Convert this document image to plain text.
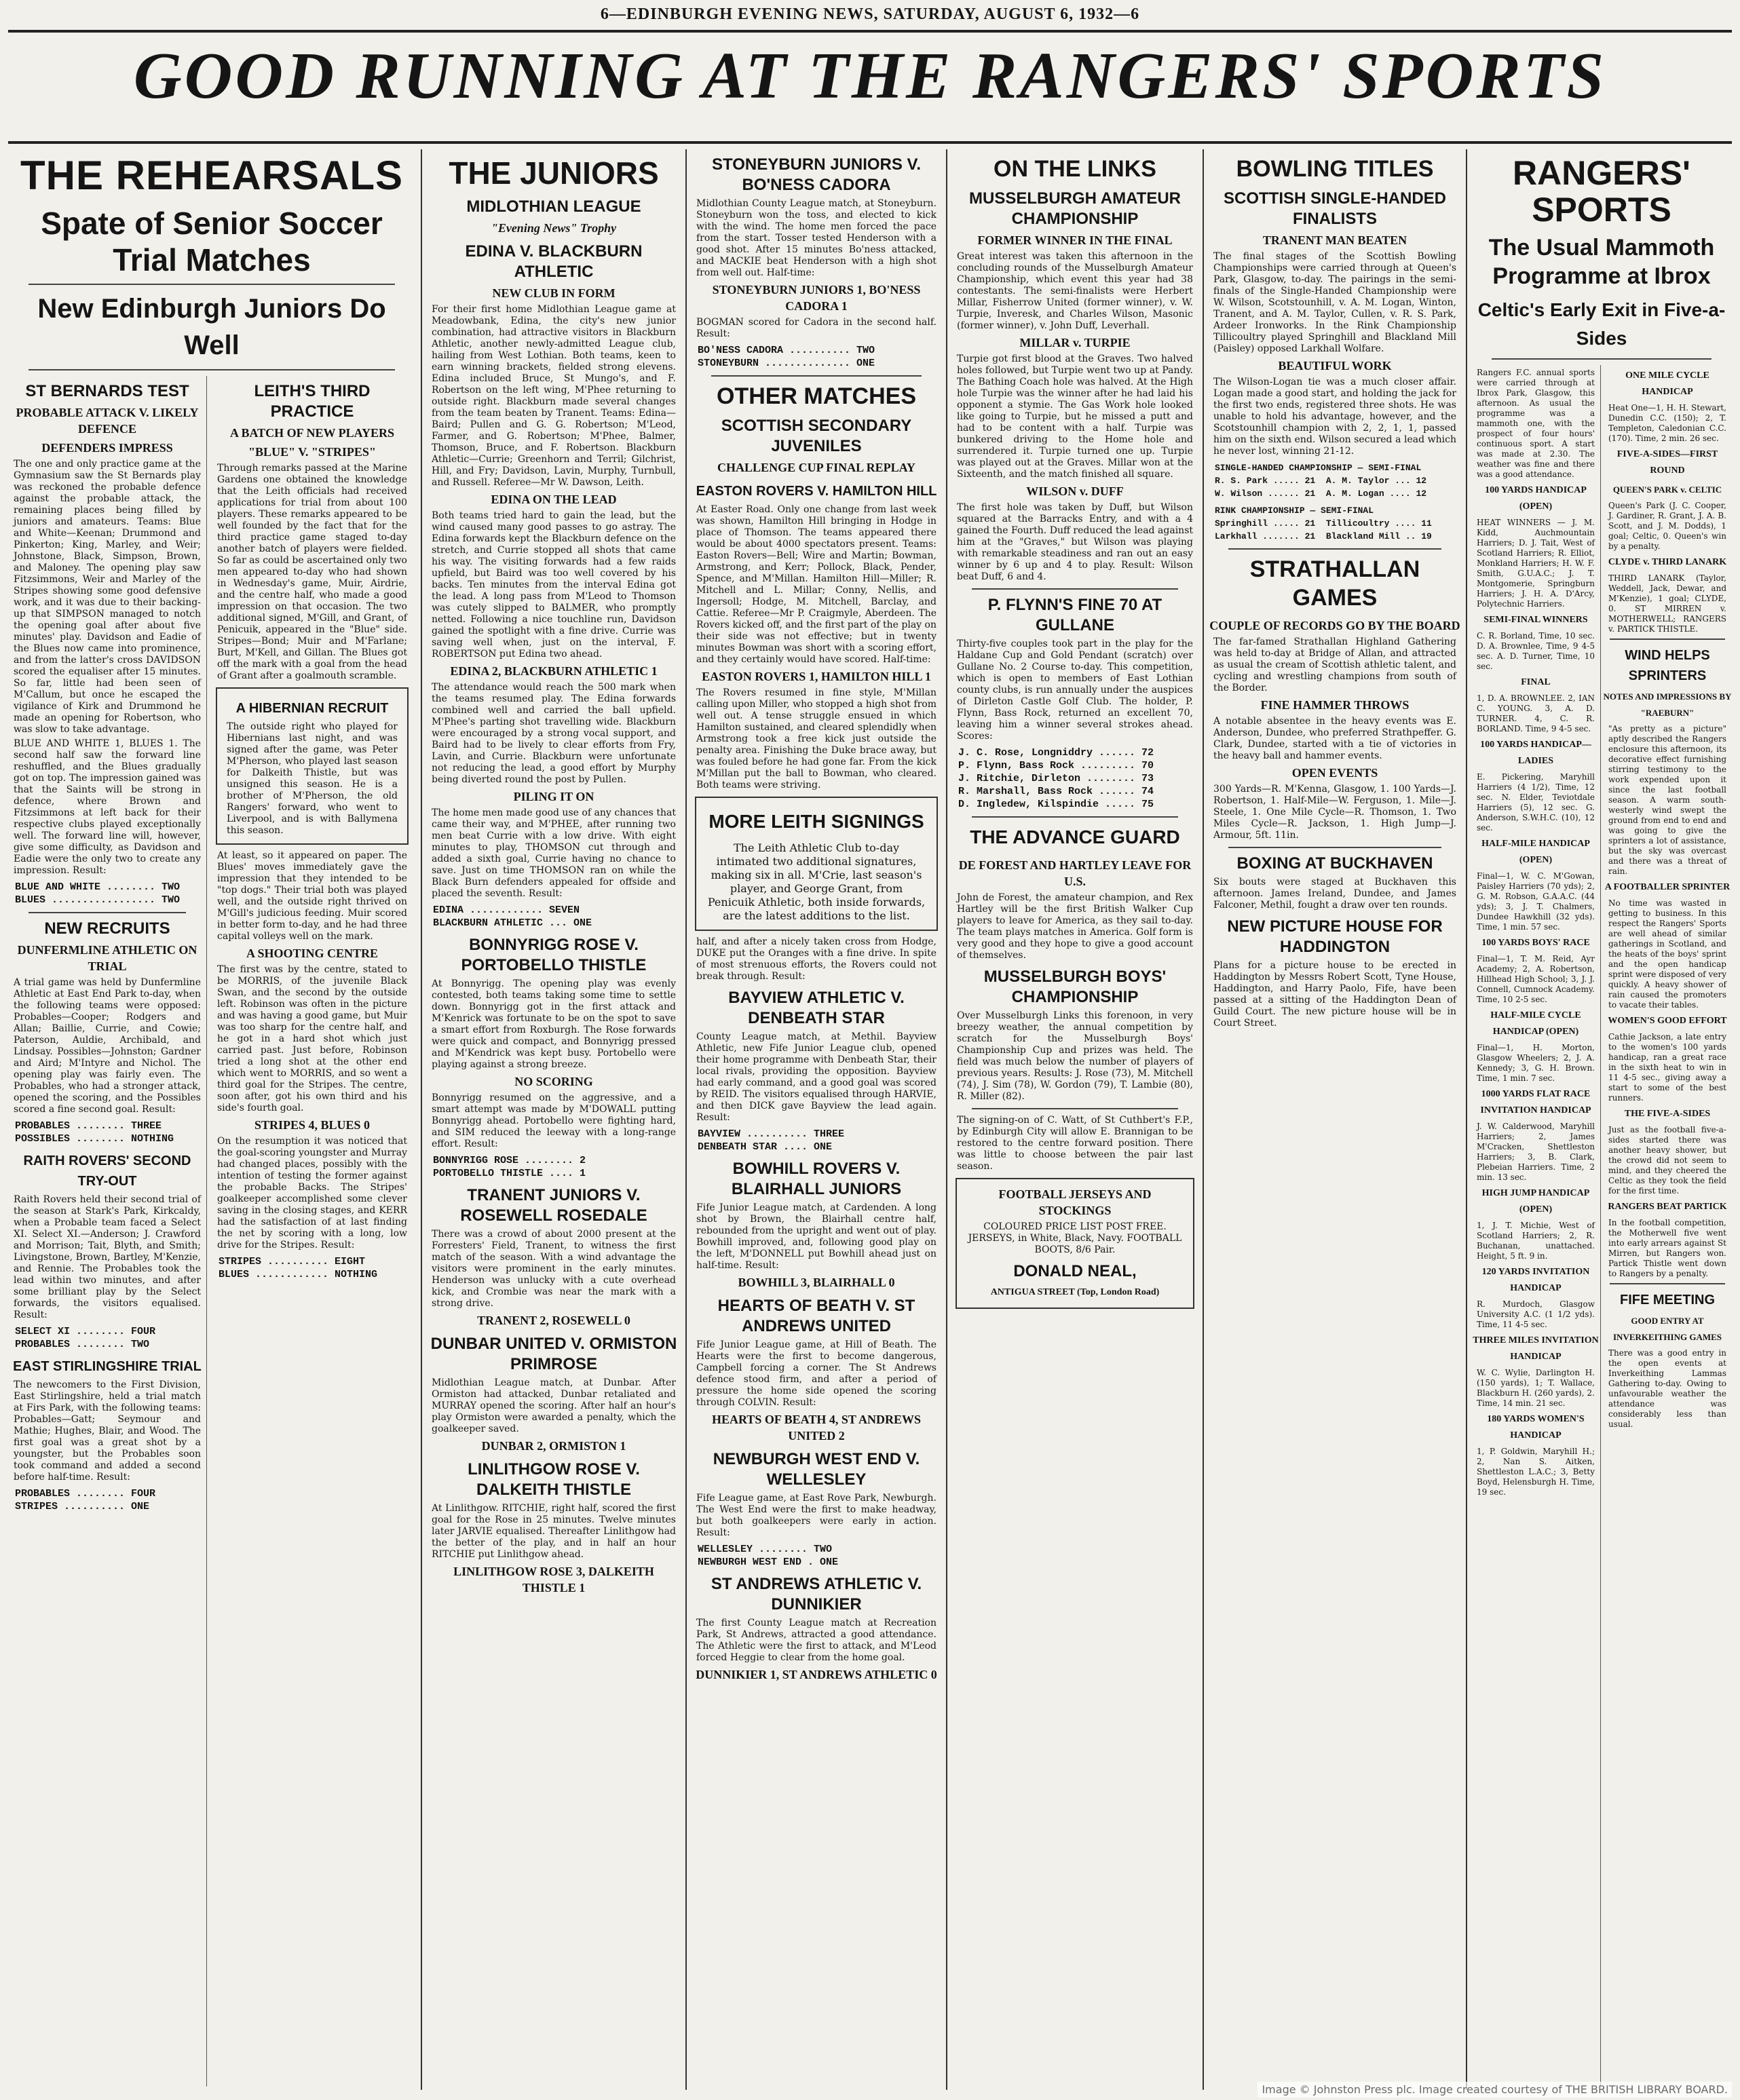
6—EDINBURGH EVENING NEWS, SATURDAY, AUGUST 6, 1932—6
GOOD RUNNING AT THE RANGERS' SPORTS
THE REHEARSALS
Spate of Senior Soccer Trial Matches
New Edinburgh Juniors Do Well
ST BERNARDS TEST
PROBABLE ATTACK V. LIKELY DEFENCE
DEFENDERS IMPRESS

The one and only practice game at the Gymnasium saw the St Bernards play was reckoned the probable defence against the probable attack, the remaining places being filled by juniors and amateurs. Teams: Blue and White—Keenan; Drummond and Pinkerton; King, Marley, and Weir; Johnstone, Black, Simpson, Brown, and Maloney. The opening play saw Fitzsimmons, Weir and Marley of the Stripes showing some good defensive work, and it was due to their backing-up that SIMPSON managed to notch the opening goal after about five minutes' play. Davidson and Eadie of the Blues now came into prominence, and from the latter's cross DAVIDSON scored the equaliser after 15 minutes. So far, little had been seen of M'Callum, but once he escaped the vigilance of Kirk and Drummond he made an opening for Robertson, who was slow to take advantage.

BLUE AND WHITE 1, BLUES 1. The second half saw the forward line reshuffled, and the Blues gradually got on top. The impression gained was that the Saints will be strong in defence, where Brown and Fitzsimmons at left back for their respective clubs played exceptionally well. The forward line will, however, give some difficulty, as Davidson and Eadie were the only two to create any impression. Result:

BLUE AND WHITE ........ TWO
BLUES ................. TWO
NEW RECRUITS
DUNFERMLINE ATHLETIC ON TRIAL

A trial game was held by Dunfermline Athletic at East End Park to-day, when the following teams were opposed: Probables—Cooper; Rodgers and Allan; Baillie, Currie, and Cowie; Paterson, Auldie, Archibald, and Lindsay. Possibles—Johnston; Gardner and Aird; M'Intyre and Nichol. The opening play was fairly even. The Probables, who had a stronger attack, opened the scoring, and the Possibles scored a fine second goal. Result:

PROBABLES ........ THREE
POSSIBLES ........ NOTHING
RAITH ROVERS' SECOND TRY-OUT

Raith Rovers held their second trial of the season at Stark's Park, Kirkcaldy, when a Probable team faced a Select XI. Select XI.—Anderson; J. Crawford and Morrison; Tait, Blyth, and Smith; Livingstone, Brown, Bartley, M'Kenzie, and Rennie. The Probables took the lead within two minutes, and after some brilliant play by the Select forwards, the visitors equalised. Result:

SELECT XI ........ FOUR
PROBABLES ........ TWO
EAST STIRLINGSHIRE TRIAL

The newcomers to the First Division, East Stirlingshire, held a trial match at Firs Park, with the following teams: Probables—Gatt; Seymour and Mathie; Hughes, Blair, and Wood. The first goal was a great shot by a youngster, but the Probables soon took command and added a second before half-time. Result:

PROBABLES ........ FOUR
STRIPES .......... ONE
LEITH'S THIRD PRACTICE
A BATCH OF NEW PLAYERS
"BLUE" V. "STRIPES"

Through remarks passed at the Marine Gardens one obtained the knowledge that the Leith officials had received applications for trial from about 100 players. These remarks appeared to be well founded by the fact that for the third practice game staged to-day another batch of players were fielded. So far as could be ascertained only two men appeared to-day who had shown in Wednesday's game, Muir, Airdrie, and the centre half, who made a good impression on that occasion. The two additional signed, M'Gill, and Grant, of Penicuik, appeared in the "Blue" side. Stripes—Bond; Muir and M'Farlane; Burt, M'Kell, and Gillan. The Blues got off the mark with a goal from the head of Grant after a goalmouth scramble.

A HIBERNIAN RECRUIT

The outside right who played for Hibernians last night, and was signed after the game, was Peter M'Pherson, who played last season for Dalkeith Thistle, but was unsigned this season. He is a brother of M'Pherson, the old Rangers' forward, who went to Liverpool, and is with Ballymena this season.

At least, so it appeared on paper. The Blues' moves immediately gave the impression that they intended to be "top dogs." Their trial both was played well, and the outside right thrived on M'Gill's judicious feeding. Muir scored in better form to-day, and he had three capital volleys well on the mark.

A SHOOTING CENTRE

The first was by the centre, stated to be MORRIS, of the juvenile Black Swan, and the second by the outside left. Robinson was often in the picture and was having a good game, but Muir was too sharp for the centre half, and he got in a hard shot which just carried past. Just before, Robinson tried a long shot at the other end which went to MORRIS, and so went a third goal for the Stripes. The centre, soon after, got his own third and his side's fourth goal.

STRIPES 4, BLUES 0

On the resumption it was noticed that the goal-scoring youngster and Murray had changed places, possibly with the intention of testing the former against the probable Backs. The Stripes' goalkeeper accomplished some clever saving in the closing stages, and KERR had the satisfaction of at last finding the net by scoring with a long, low drive for the Stripes. Result:

STRIPES .......... EIGHT
BLUES ............ NOTHING
THE JUNIORS
MIDLOTHIAN LEAGUE
"Evening News" Trophy
EDINA V. BLACKBURN ATHLETIC
NEW CLUB IN FORM

For their first home Midlothian League game at Meadowbank, Edina, the city's new junior combination, had attractive visitors in Blackburn Athletic, another newly-admitted League club, hailing from West Lothian. Both teams, keen to earn winning brackets, fielded strong elevens. Edina included Bruce, St Mungo's, and F. Robertson on the left wing, M'Phee returning to outside right. Blackburn made several changes from the team beaten by Tranent. Teams: Edina—Baird; Pullen and G. G. Robertson; M'Leod, Farmer, and G. Robertson; M'Phee, Balmer, Thomson, Bruce, and F. Robertson. Blackburn Athletic—Currie; Greenhorn and Terril; Gilchrist, Hill, and Fry; Davidson, Lavin, Murphy, Turnbull, and Russell. Referee—Mr W. Dawson, Leith.

EDINA ON THE LEAD

Both teams tried hard to gain the lead, but the wind caused many good passes to go astray. The Edina forwards kept the Blackburn defence on the stretch, and Currie stopped all shots that came his way. The visiting forwards had a few raids upfield, but Baird was too well covered by his backs. Ten minutes from the interval Edina got the lead. A long pass from M'Leod to Thomson was cutely slipped to BALMER, who promptly netted. Following a nice touchline run, Davidson gained the spotlight with a fine drive. Currie was saving well when, just on the interval, F. ROBERTSON put Edina two ahead.

EDINA 2, BLACKBURN ATHLETIC 1

The attendance would reach the 500 mark when the teams resumed play. The Edina forwards combined well and carried the ball upfield. M'Phee's parting shot travelling wide. Blackburn were encouraged by a strong vocal support, and Baird had to be lively to clear efforts from Fry, Lavin, and Currie. Blackburn were unfortunate not reducing the lead, a good effort by Murphy being diverted round the post by Pullen.

PILING IT ON

The home men made good use of any chances that came their way, and M'PHEE, after running two men beat Currie with a low drive. With eight minutes to play, THOMSON cut through and added a sixth goal, Currie having no chance to save. Just on time THOMSON ran on while the Black Burn defenders appealed for offside and placed the seventh. Result:

EDINA ............ SEVEN
BLACKBURN ATHLETIC ... ONE
BONNYRIGG ROSE V. PORTOBELLO THISTLE

At Bonnyrigg. The opening play was evenly contested, both teams taking some time to settle down. Bonnyrigg got in the first attack and M'Kenrick was fortunate to be on the spot to save a smart effort from Roxburgh. The Rose forwards were quick and compact, and Bonnyrigg pressed and M'Kendrick was kept busy. Portobello were playing against a strong breeze.

NO SCORING

Bonnyrigg resumed on the aggressive, and a smart attempt was made by M'DOWALL putting Bonnyrigg ahead. Portobello were fighting hard, and SIM reduced the leeway with a long-range effort. Result:

BONNYRIGG ROSE ........ 2
PORTOBELLO THISTLE .... 1
TRANENT JUNIORS V. ROSEWELL ROSEDALE

There was a crowd of about 2000 present at the Forresters' Field, Tranent, to witness the first match of the season. With a wind advantage the visitors were prominent in the early minutes. Henderson was unlucky with a cute overhead kick, and Crombie was near the mark with a strong drive.

TRANENT 2, ROSEWELL 0
DUNBAR UNITED V. ORMISTON PRIMROSE

Midlothian League match, at Dunbar. After Ormiston had attacked, Dunbar retaliated and MURRAY opened the scoring. After half an hour's play Ormiston were awarded a penalty, which the goalkeeper saved.

DUNBAR 2, ORMISTON 1
LINLITHGOW ROSE V. DALKEITH THISTLE

At Linlithgow. RITCHIE, right half, scored the first goal for the Rose in 25 minutes. Twelve minutes later JARVIE equalised. Thereafter Linlithgow had the better of the play, and in half an hour RITCHIE put Linlithgow ahead.

LINLITHGOW ROSE 3, DALKEITH THISTLE 1
STONEYBURN JUNIORS V. BO'NESS CADORA

Midlothian County League match, at Stoneyburn. Stoneyburn won the toss, and elected to kick with the wind. The home men forced the pace from the start. Tosser tested Henderson with a good shot. After 15 minutes Bo'ness attacked, and MACKIE beat Henderson with a high shot from well out. Half-time:

STONEYBURN JUNIORS 1, BO'NESS CADORA 1

BOGMAN scored for Cadora in the second half. Result:

BO'NESS CADORA .......... TWO
STONEYBURN .............. ONE
OTHER MATCHES
SCOTTISH SECONDARY JUVENILES
CHALLENGE CUP FINAL REPLAY
EASTON ROVERS V. HAMILTON HILL

At Easter Road. Only one change from last week was shown, Hamilton Hill bringing in Hodge in place of Thomson. The teams appeared there would be about 4000 spectators present. Teams: Easton Rovers—Bell; Wire and Martin; Bowman, Armstrong, and Kerr; Pollock, Black, Pender, Spence, and M'Millan. Hamilton Hill—Miller; R. Mitchell and L. Millar; Conny, Nellis, and Ingersoll; Hodge, M. Mitchell, Barclay, and Cattie. Referee—Mr P. Craigmyle, Aberdeen. The Rovers kicked off, and the first part of the play on their side was not effective; but in twenty minutes Bowman was short with a scoring effort, and they certainly would have scored. Half-time:

EASTON ROVERS 1, HAMILTON HILL 1

The Rovers resumed in fine style, M'Millan calling upon Miller, who stopped a high shot from well out. A tense struggle ensued in which Hamilton sustained, and cleared splendidly when Armstrong took a free kick just outside the penalty area. Finishing the Duke brace away, but was fouled before he had gone far. From the kick M'Millan put the ball to Bowman, who cleared. Both teams were striving.

MORE LEITH SIGNINGS

The Leith Athletic Club to-day intimated two additional signatures, making six in all. M'Crie, last season's player, and George Grant, from Penicuik Athletic, both inside forwards, are the latest additions to the list.

half, and after a nicely taken cross from Hodge, DUKE put the Oranges with a fine drive. In spite of most strenuous efforts, the Rovers could not break through. Result:

BAYVIEW ATHLETIC V. DENBEATH STAR

County League match, at Methil. Bayview Athletic, new Fife Junior League club, opened their home programme with Denbeath Star, their local rivals, providing the opposition. Bayview had early command, and a good goal was scored by REID. The visitors equalised through HARVIE, and then DICK gave Bayview the lead again. Result:

BAYVIEW .......... THREE
DENBEATH STAR .... ONE
BOWHILL ROVERS V. BLAIRHALL JUNIORS

Fife Junior League match, at Cardenden. A long shot by Brown, the Blairhall centre half, rebounded from the upright and went out of play. Bowhill improved, and, following good play on the left, M'DONNELL put Bowhill ahead just on half-time. Result:

BOWHILL 3, BLAIRHALL 0
HEARTS OF BEATH V. ST ANDREWS UNITED

Fife Junior League game, at Hill of Beath. The Hearts were the first to become dangerous, Campbell forcing a corner. The St Andrews defence stood firm, and after a period of pressure the home side opened the scoring through COLVIN. Result:

HEARTS OF BEATH 4, ST ANDREWS UNITED 2
NEWBURGH WEST END V. WELLESLEY

Fife League game, at East Rove Park, Newburgh. The West End were the first to make headway, but both goalkeepers were early in action. Result:

WELLESLEY ........ TWO
NEWBURGH WEST END . ONE
ST ANDREWS ATHLETIC V. DUNNIKIER

The first County League match at Recreation Park, St Andrews, attracted a good attendance. The Athletic were the first to attack, and M'Leod forced Heggie to clear from the home goal.

DUNNIKIER 1, ST ANDREWS ATHLETIC 0
ON THE LINKS
MUSSELBURGH AMATEUR CHAMPIONSHIP
FORMER WINNER IN THE FINAL

Great interest was taken this afternoon in the concluding rounds of the Musselburgh Amateur Championship, which event this year had 38 contestants. The semi-finalists were Herbert Millar, Fisherrow United (former winner), v. W. Turpie, Inveresk, and Charles Wilson, Masonic (former winner), v. John Duff, Leverhall.

MILLAR v. TURPIE

Turpie got first blood at the Graves. Two halved holes followed, but Turpie went two up at Pandy. The Bathing Coach hole was halved. At the High hole Turpie was the winner after he had laid his opponent a stymie. The Gas Work hole looked like going to Turpie, but he missed a putt and had to be content with a half. Turpie was bunkered driving to the Home hole and surrendered it. Turpie turned one up. Turpie was played out at the Graves. Millar won at the Sixteenth, and the match finished all square.

WILSON v. DUFF

The first hole was taken by Duff, but Wilson squared at the Barracks Entry, and with a 4 gained the Fourth. Duff reduced the lead against him at the "Graves," but Wilson was playing with remarkable steadiness and ran out an easy winner by 6 up and 4 to play. Result: Wilson beat Duff, 6 and 4.

P. FLYNN'S FINE 70 AT GULLANE

Thirty-five couples took part in the play for the Haldane Cup and Gold Pendant (scratch) over Gullane No. 2 Course to-day. This competition, which is open to members of East Lothian county clubs, is run annually under the auspices of Dirleton Castle Golf Club. The holder, P. Flynn, Bass Rock, returned an excellent 70, leaving him a winner several strokes ahead. Scores:

J. C. Rose, Longniddry ...... 72
P. Flynn, Bass Rock ......... 70
J. Ritchie, Dirleton ........ 73
R. Marshall, Bass Rock ...... 74
D. Ingledew, Kilspindie ..... 75
THE ADVANCE GUARD
DE FOREST AND HARTLEY LEAVE FOR U.S.

John de Forest, the amateur champion, and Rex Hartley will be the first British Walker Cup players to leave for America, as they sail to-day. The team plays matches in America. Golf form is very good and they hope to give a good account of themselves.

MUSSELBURGH BOYS' CHAMPIONSHIP

Over Musselburgh Links this forenoon, in very breezy weather, the annual competition by scratch for the Musselburgh Boys' Championship Cup and prizes was held. The field was much below the number of players of previous years. Results: J. Rose (73), M. Mitchell (74), J. Sim (78), W. Gordon (79), T. Lambie (80), R. Miller (82).

The signing-on of C. Watt, of St Cuthbert's F.P., by Edinburgh City will allow E. Brannigan to be restored to the centre forward position. There was little to choose between the pair last season.

FOOTBALL JERSEYS AND STOCKINGS

COLOURED PRICE LIST POST FREE. JERSEYS, in White, Black, Navy. FOOTBALL BOOTS, 8/6 Pair.

DONALD NEAL,
ANTIGUA STREET (Top, London Road)
BOWLING TITLES
SCOTTISH SINGLE-HANDED FINALISTS
TRANENT MAN BEATEN

The final stages of the Scottish Bowling Championships were carried through at Queen's Park, Glasgow, to-day. The pairings in the semi-finals of the Single-Handed Championship were W. Wilson, Scotstounhill, v. A. M. Logan, Winton, Tranent, and A. M. Taylor, Cullen, v. R. S. Park, Ardeer Ironworks. In the Rink Championship Tillicoultry played Springhill and Blackland Mill (Paisley) opposed Larkhall Wolfare.

BEAUTIFUL WORK

The Wilson-Logan tie was a much closer affair. Logan made a good start, and holding the jack for the first two ends, registered three shots. He was unable to hold his advantage, however, and the Scotstounhill champion with 2, 2, 1, 1, passed him on the sixth end. Wilson secured a lead which he never lost, winning 21-12.

SINGLE-HANDED CHAMPIONSHIP — SEMI-FINAL
R. S. Park ..... 21  A. M. Taylor ... 12
W. Wilson ...... 21  A. M. Logan .... 12
RINK CHAMPIONSHIP — SEMI-FINAL
Springhill ..... 21  Tillicoultry .... 11
Larkhall ....... 21  Blackland Mill .. 19
STRATHALLAN GAMES
COUPLE OF RECORDS GO BY THE BOARD

The far-famed Strathallan Highland Gathering was held to-day at Bridge of Allan, and attracted as usual the cream of Scottish athletic talent, and cycling and wrestling champions from south of the Border.

FINE HAMMER THROWS

A notable absentee in the heavy events was E. Anderson, Dundee, who preferred Strathpeffer. G. Clark, Dundee, started with a tie of victories in the heavy ball and hammer events.

OPEN EVENTS

300 Yards—R. M'Kenna, Glasgow, 1. 100 Yards—J. Robertson, 1. Half-Mile—W. Ferguson, 1. Mile—J. Steele, 1. One Mile Cycle—R. Thomson, 1. Two Miles Cycle—R. Jackson, 1. High Jump—J. Armour, 5ft. 11in.

BOXING AT BUCKHAVEN

Six bouts were staged at Buckhaven this afternoon. James Ireland, Dundee, and James Falconer, Methil, fought a draw over ten rounds.

NEW PICTURE HOUSE FOR HADDINGTON

Plans for a picture house to be erected in Haddington by Messrs Robert Scott, Tyne House, Haddington, and Harry Paolo, Fife, have been passed at a sitting of the Haddington Dean of Guild Court. The new picture house will be in Court Street.

RANGERS' SPORTS
The Usual Mammoth Programme at Ibrox
Celtic's Early Exit in Five-a-Sides

Rangers F.C. annual sports were carried through at Ibrox Park, Glasgow, this afternoon. As usual the programme was a mammoth one, with the prospect of four hours' continuous sport. A start was made at 2.30. The weather was fine and there was a good attendance.

100 YARDS HANDICAP (OPEN)

HEAT WINNERS — J. M. Kidd, Auchmountain Harriers; D. J. Tait, West of Scotland Harriers; R. Elliot, Monkland Harriers; H. W. F. Smith, G.U.A.C.; J. T. Montgomerie, Springburn Harriers; J. H. A. D'Arcy, Polytechnic Harriers.

SEMI-FINAL WINNERS

C. R. Borland, Time, 10 sec. D. A. Brownlee, Time, 9 4-5 sec. A. D. Turner, Time, 10 sec.

FINAL

1, D. A. BROWNLEE. 2, IAN C. YOUNG. 3, A. D. TURNER. 4, C. R. BORLAND. Time, 9 4-5 sec.

100 YARDS HANDICAP—LADIES

E. Pickering, Maryhill Harriers (4 1/2), Time, 12 sec. N. Elder, Teviotdale Harriers (5), 12 sec. G. Anderson, S.W.H.C. (10), 12 sec.

HALF-MILE HANDICAP (OPEN)

Final—1, W. C. M'Gowan, Paisley Harriers (70 yds); 2, G. M. Robson, G.A.A.C. (44 yds); 3, J. T. Chalmers, Dundee Hawkhill (32 yds). Time, 1 min. 57 sec.

100 YARDS BOYS' RACE

Final—1, T. M. Reid, Ayr Academy; 2, A. Robertson, Hillhead High School; 3, J. J. Connell, Cumnock Academy. Time, 10 2-5 sec.

HALF-MILE CYCLE HANDICAP (OPEN)

Final—1, H. Morton, Glasgow Wheelers; 2, J. A. Kennedy; 3, G. H. Brown. Time, 1 min. 7 sec.

1000 YARDS FLAT RACE INVITATION HANDICAP

J. W. Calderwood, Maryhill Harriers; 2, James M'Cracken, Shettleston Harriers; 3, B. Clark, Plebeian Harriers. Time, 2 min. 13 sec.

HIGH JUMP HANDICAP (OPEN)

1, J. T. Michie, West of Scotland Harriers; 2, R. Buchanan, unattached. Height, 5 ft. 9 in.

120 YARDS INVITATION HANDICAP

R. Murdoch, Glasgow University A.C. (1 1/2 yds). Time, 11 4-5 sec.

THREE MILES INVITATION HANDICAP

W. C. Wylie, Darlington H. (150 yards), 1; T. Wallace, Blackburn H. (260 yards), 2. Time, 14 min. 21 sec.

180 YARDS WOMEN'S HANDICAP

1, P. Goldwin, Maryhill H.; 2, Nan S. Aitken, Shettleston L.A.C.; 3, Betty Boyd, Helensburgh H. Time, 19 sec.

ONE MILE CYCLE HANDICAP

Heat One—1, H. H. Stewart, Dunedin C.C. (150); 2, T. Templeton, Caledonian C.C. (170). Time, 2 min. 26 sec.

FIVE-A-SIDES—FIRST ROUND
QUEEN'S PARK v. CELTIC

Queen's Park (J. C. Cooper, J. Gardiner, R. Grant, J. A. B. Scott, and J. M. Dodds), 1 goal; Celtic, 0. Queen's win by a penalty.

CLYDE v. THIRD LANARK

THIRD LANARK (Taylor, Weddell, Jack, Dewar, and M'Kenzie), 1 goal; CLYDE, 0. ST MIRREN v. MOTHERWELL; RANGERS v. PARTICK THISTLE.

WIND HELPS SPRINTERS
NOTES AND IMPRESSIONS BY "RAEBURN"

"As pretty as a picture" aptly described the Rangers enclosure this afternoon, its decorative effect furnishing stirring testimony to the work expended upon it since the last football season. A warm south-westerly wind swept the ground from end to end and was going to give the sprinters a lot of assistance, but the sky was overcast and there was a threat of rain.

A FOOTBALLER SPRINTER

No time was wasted in getting to business. In this respect the Rangers' Sports are well ahead of similar gatherings in Scotland, and the heats of the boys' sprint and the open handicap sprint were disposed of very quickly. A heavy shower of rain caused the promoters to vacate their tables.

WOMEN'S GOOD EFFORT

Cathie Jackson, a late entry to the women's 100 yards handicap, ran a great race in the sixth heat to win in 11 4-5 sec., giving away a start to some of the best runners.

THE FIVE-A-SIDES

Just as the football five-a-sides started there was another heavy shower, but the crowd did not seem to mind, and they cheered the Celtic as they took the field for the first time.

RANGERS BEAT PARTICK

In the football competition, the Motherwell five went into early arrears against St Mirren, but Rangers won. Partick Thistle went down to Rangers by a penalty.

FIFE MEETING
GOOD ENTRY AT INVERKEITHING GAMES

There was a good entry in the open events at Inverkeithing Lammas Gathering to-day. Owing to unfavourable weather the attendance was considerably less than usual.

Image © Johnston Press plc. Image created courtesy of THE BRITISH LIBRARY BOARD.
